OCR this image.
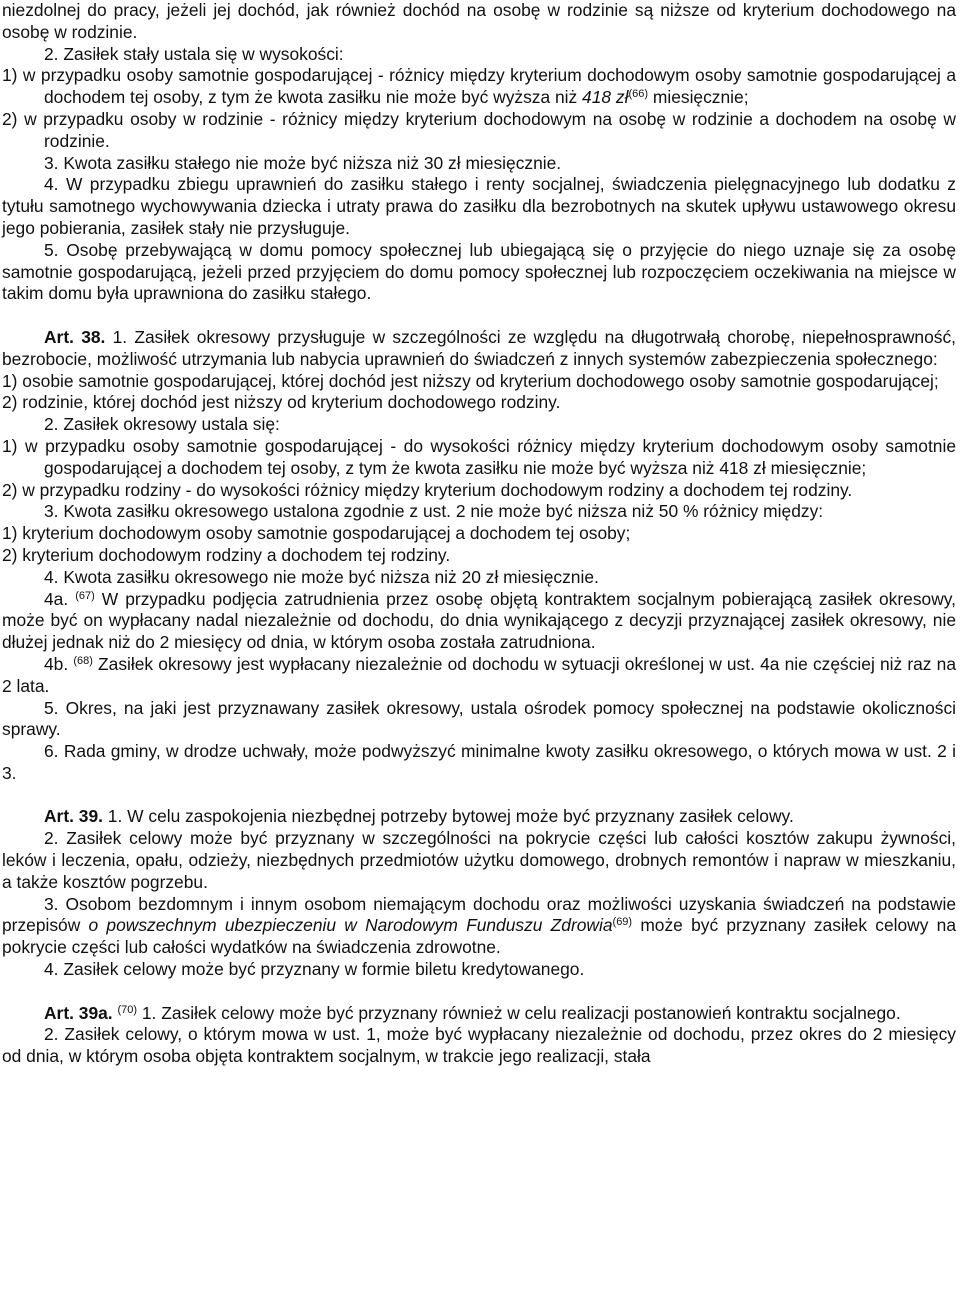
niezdolnej do pracy, jeżeli jej dochód, jak również dochód na osobę w rodzinie są niższe od kryterium dochodowego na osobę w rodzinie.

2. Zasiłek stały ustala się w wysokości:

1) w przypadku osoby samotnie gospodarującej - różnicy między kryterium dochodowym osoby samotnie gospodarującej a dochodem tej osoby, z tym że kwota zasiłku nie może być wyższa niż 418 $zł^{(66)}$ miesięcznie;

2) w przypadku osoby w rodzinie - różnicy między kryterium dochodowym na osobę w rodzinie a dochodem na osobę w rodzinie.

3. Kwota zasiłku stałego nie może być niższa niż 30 zł miesięcznie.

4. W przypadku zbiegu uprawnień do zasiłku stałego i renty socjalnej, świadczenia pielęgnacyjnego lub dodatku z tytułu samotnego wychowywania dziecka i utraty prawa do zasiłku dla bezrobotnych na skutek upływu ustawowego okresu jego pobierania, zasiłek stały nie przysługuje.

5. Osobę przebywającą w domu pomocy społecznej lub ubiegającą się o przyjęcie do niego uznaje się za osobę samotnie gospodarującą, jeżeli przed przyjęciem do domu pomocy społecznej lub rozpoczęciem oczekiwania na miejsce w takim domu była uprawniona do zasiłku stałego.

Art. 38. 1. Zasiłek okresowy przysługuje w szczególności ze względu na długotrwałą chorobę, niepełnosprawność, bezrobocie, możliwość utrzymania lub nabycia uprawnień do świadczeń z innych systemów zabezpieczenia społecznego:

1) osobie samotnie gospodarującej, której dochód jest niższy od kryterium dochodowego osoby samotnie gospodarującej;

2) rodzinie, której dochód jest niższy od kryterium dochodowego rodziny.

2. Zasiłek okresowy ustala się:

1) w przypadku osoby samotnie gospodarującej - do wysokości różnicy między kryterium dochodowym osoby samotnie gospodarującej a dochodem tej osoby, z tym że kwota zasiłku nie może być wyższa niż 418 zł miesięcznie;

2) w przypadku rodziny - do wysokości różnicy między kryterium dochodowym rodziny a dochodem tej rodziny.

3. Kwota zasiłku okresowego ustalona zgodnie z ust. 2 nie może być niższa niż 50 % różnicy między:

1) kryterium dochodowym osoby samotnie gospodarującej a dochodem tej osoby;

2) kryterium dochodowym rodziny a dochodem tej rodziny.

4. Kwota zasiłku okresowego nie może być niższa niż 20 zł miesięcznie.

4a. $^{(67)}$ W przypadku podjęcia zatrudnienia przez osobę objętą kontraktem socjalnym pobierającą zasiłek okresowy, może być on wypłacany nadal niezależnie od dochodu, do dnia wynikającego z decyzji przyznającej zasiłek okresowy, nie dłużej jednak niż do 2 miesięcy od dnia, w którym osoba została zatrudniona.

4b. $^{(68)}$ Zasiłek okresowy jest wypłacany niezależnie od dochodu w sytuacji określonej w ust. 4a nie częściej niż raz na 2 lata.

5. Okres, na jaki jest przyznawany zasiłek okresowy, ustala ośrodek pomocy społecznej na podstawie okoliczności sprawy.

6. Rada gminy, w drodze uchwały, może podwyższyć minimalne kwoty zasiłku okresowego, o których mowa w ust. 2 i 3.

Art. 39. 1. W celu zaspokojenia niezbędnej potrzeby bytowej może być przyznany zasiłek celowy.

2. Zasiłek celowy może być przyznany w szczególności na pokrycie części lub całości kosztów zakupu żywności, leków i leczenia, opału, odzieży, niezbędnych przedmiotów użytku domowego, drobnych remontów i napraw w mieszkaniu, a także kosztów pogrzebu.

3. Osobom bezdomnym i innym osobom niemającym dochodu oraz możliwości uzyskania świadczeń na podstawie przepisów o powszechnym ubezpieczeniu w Narodowym Funduszu Zdrowia$^{(69)}$ może być przyznany zasiłek celowy na pokrycie części lub całości wydatków na świadczenia zdrowotne.

4. Zasiłek celowy może być przyznany w formie biletu kredytowanego.

Art. 39a. $^{(70)}$ 1. Zasiłek celowy może być przyznany również w celu realizacji postanowień kontraktu socjalnego.

2. Zasiłek celowy, o którym mowa w ust. 1, może być wypłacany niezależnie od dochodu, przez okres do 2 miesięcy od dnia, w którym osoba objęta kontraktem socjalnym, w trakcie jego realizacji, stała
